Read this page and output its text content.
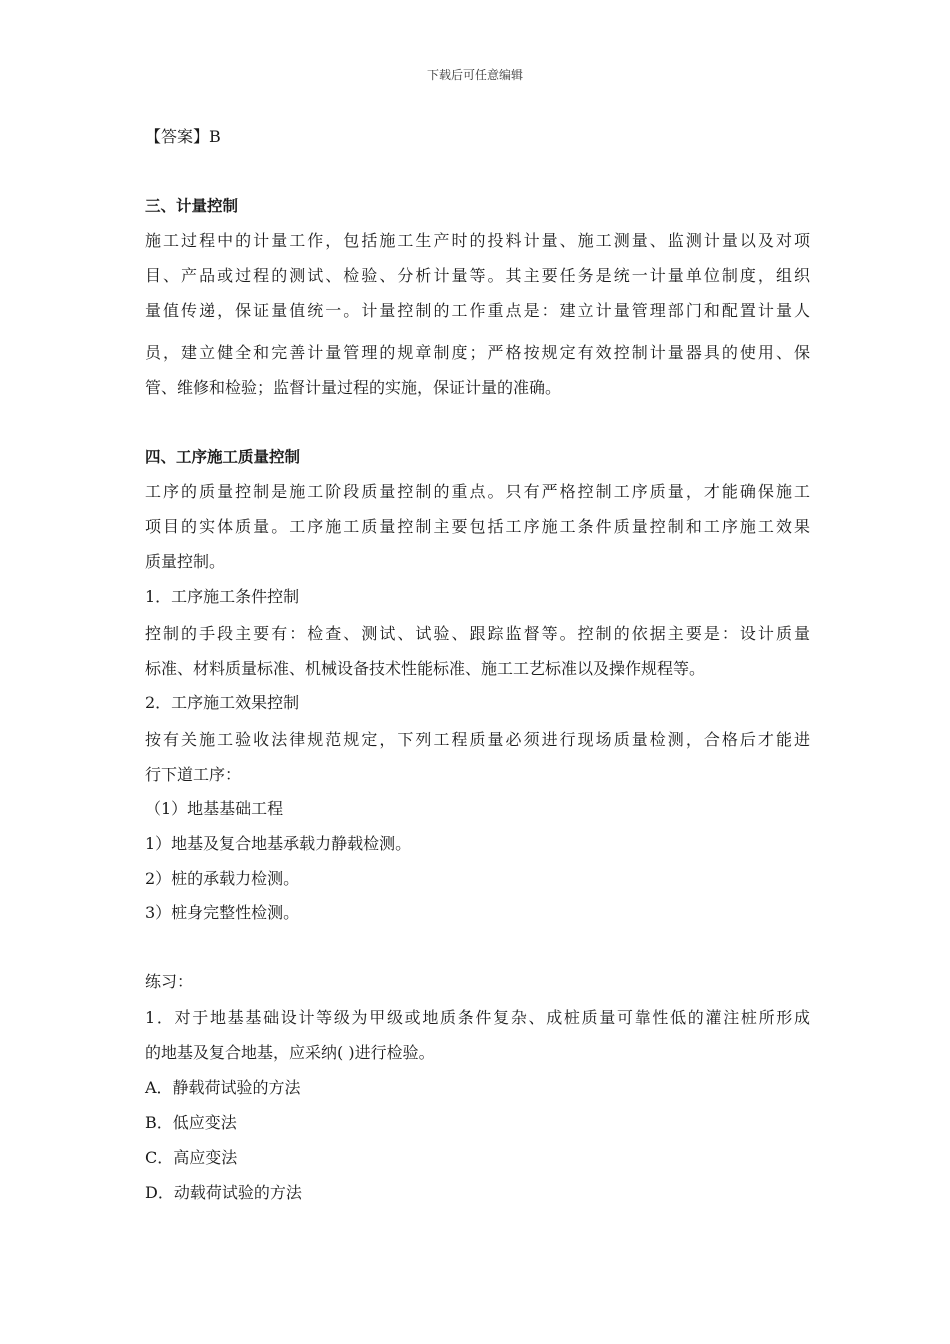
下载后可任意编辑
【答案】B
三、计量控制
施工过程中的计量工作，包括施工生产时的投料计量、施工测量、监测计量以及对项
目、产品或过程的测试、检验、分析计量等。其主要任务是统一计量单位制度，组织
量值传递，保证量值统一。计量控制的工作重点是：建立计量管理部门和配置计量人
员，建立健全和完善计量管理的规章制度；严格按规定有效控制计量器具的使用、保
管、维修和检验；监督计量过程的实施，保证计量的准确。
四、工序施工质量控制
工序的质量控制是施工阶段质量控制的重点。只有严格控制工序质量，才能确保施工
项目的实体质量。工序施工质量控制主要包括工序施工条件质量控制和工序施工效果
质量控制。
1．工序施工条件控制
控制的手段主要有：检查、测试、试验、跟踪监督等。控制的依据主要是：设计质量
标准、材料质量标准、机械设备技术性能标准、施工工艺标准以及操作规程等。
2．工序施工效果控制
按有关施工验收法律规范规定，下列工程质量必须进行现场质量检测，合格后才能进
行下道工序：
（1）地基基础工程
1）地基及复合地基承载力静载检测。
2）桩的承载力检测。
3）桩身完整性检测。
练习：
1．对于地基基础设计等级为甲级或地质条件复杂、成桩质量可靠性低的灌注桩所形成
的地基及复合地基，应采纳( )进行检验。
A．静载荷试验的方法
B．低应变法
C．高应变法
D．动载荷试验的方法
